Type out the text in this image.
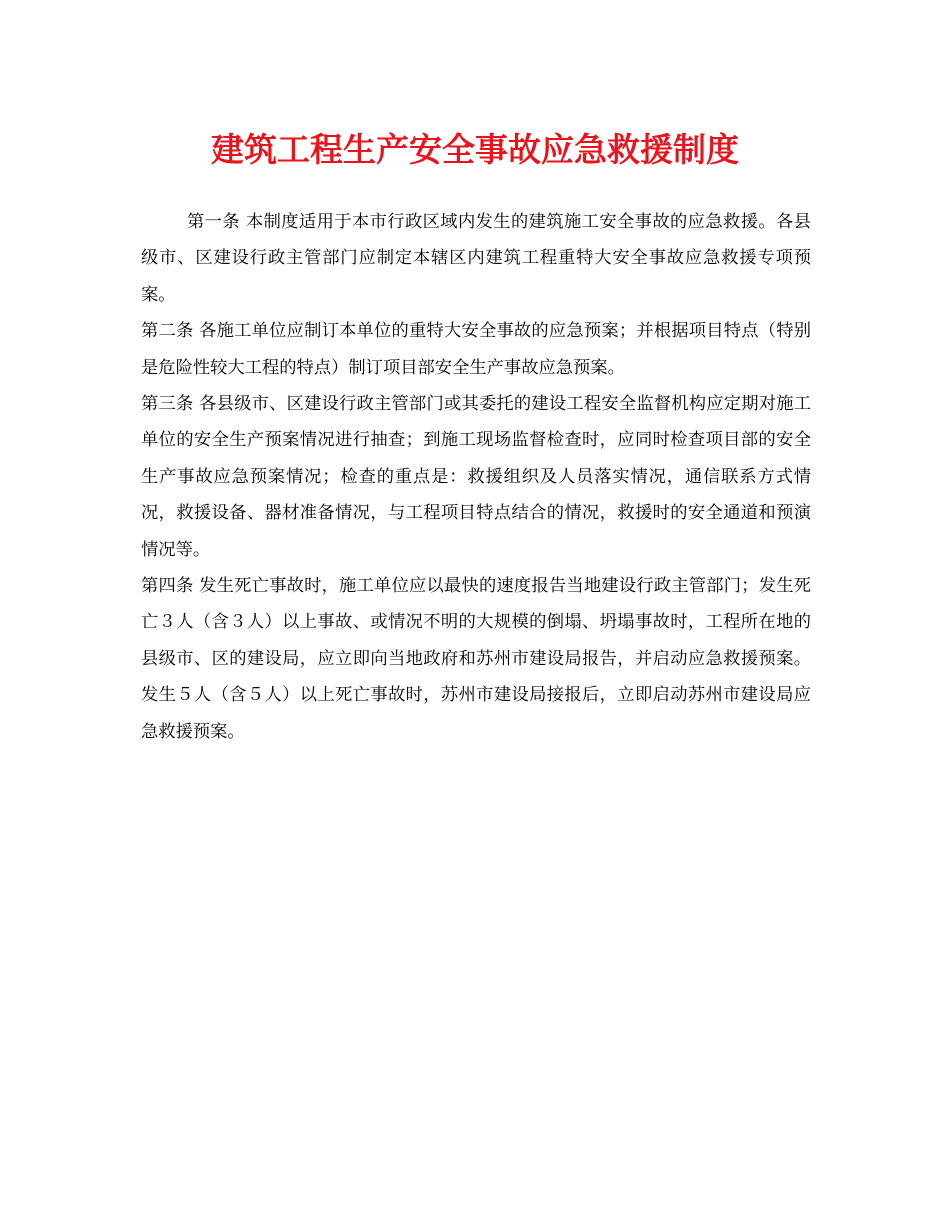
建筑工程生产安全事故应急救援制度

第一条 本制度适用于本市行政区域内发生的建筑施工安全事故的应急救援。各县级市、区建设行政主管部门应制定本辖区内建筑工程重特大安全事故应急救援专项预案。

第二条 各施工单位应制订本单位的重特大安全事故的应急预案；并根据项目特点（特别是危险性较大工程的特点）制订项目部安全生产事故应急预案。

第三条 各县级市、区建设行政主管部门或其委托的建设工程安全监督机构应定期对施工单位的安全生产预案情况进行抽查；到施工现场监督检查时，应同时检查项目部的安全生产事故应急预案情况；检查的重点是：救援组织及人员落实情况，通信联系方式情况，救援设备、器材准备情况，与工程项目特点结合的情况，救援时的安全通道和预演情况等。

第四条 发生死亡事故时，施工单位应以最快的速度报告当地建设行政主管部门；发生死亡３人（含３人）以上事故、或情况不明的大规模的倒塌、坍塌事故时，工程所在地的县级市、区的建设局，应立即向当地政府和苏州市建设局报告，并启动应急救援预案。发生５人（含５人）以上死亡事故时，苏州市建设局接报后，立即启动苏州市建设局应急救援预案。
